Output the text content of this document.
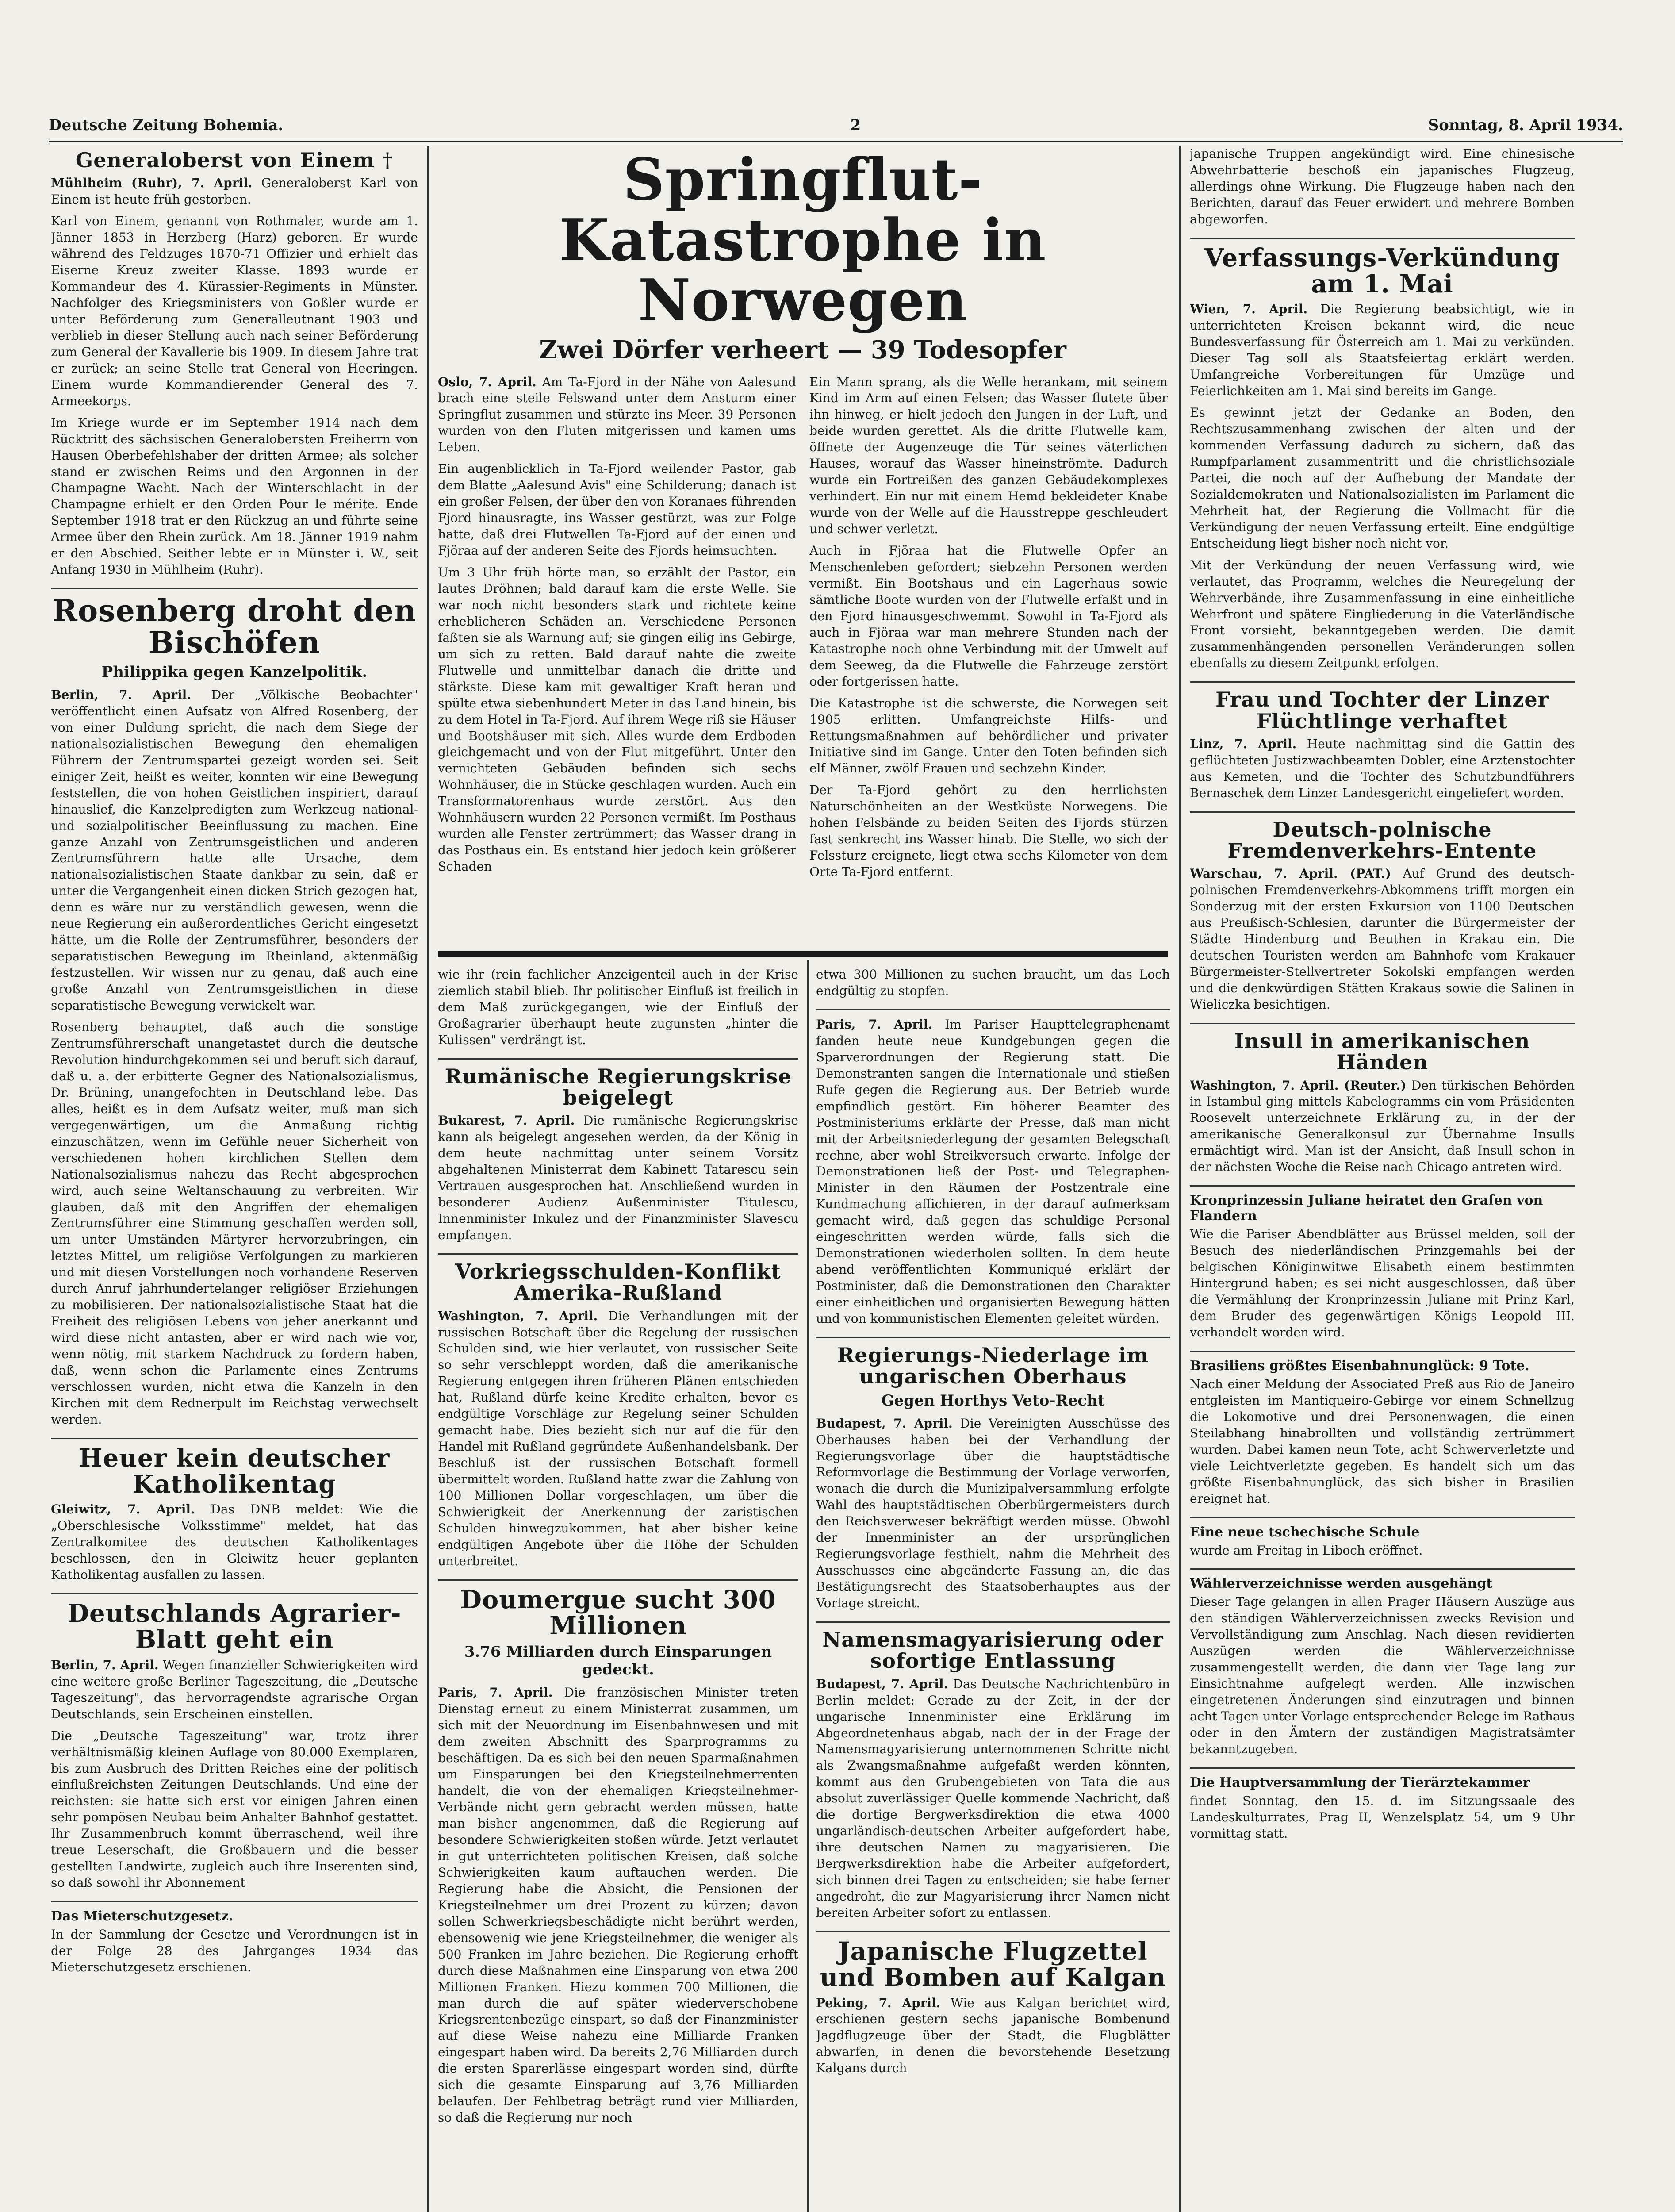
Deutsche Zeitung Bohemia.	2	Sonntag, 8. April 1934.
Generaloberst von Einem †

Mühlheim (Ruhr), 7. April. Generaloberst Karl von Einem ist heute früh gestorben.

Karl von Einem, genannt von Rothmaler, wurde am 1. Jänner 1853 in Herzberg (Harz) geboren. Er wurde während des Feldzuges 1870-71 Offizier und erhielt das Eiserne Kreuz zweiter Klasse. 1893 wurde er Kommandeur des 4. Kürassier-Regiments in Münster. Nachfolger des Kriegsministers von Goßler wurde er unter Beförderung zum Generalleutnant 1903 und verblieb in dieser Stellung auch nach seiner Beförderung zum General der Kavallerie bis 1909. In diesem Jahre trat er zurück; an seine Stelle trat General von Heeringen. Einem wurde Kommandierender General des 7. Armeekorps.

Im Kriege wurde er im September 1914 nach dem Rücktritt des sächsischen Generalobersten Freiherrn von Hausen Oberbefehlshaber der dritten Armee; als solcher stand er zwischen Reims und den Argonnen in der Champagne Wacht. Nach der Winterschlacht in der Champagne erhielt er den Orden Pour le mérite. Ende September 1918 trat er den Rückzug an und führte seine Armee über den Rhein zurück. Am 18. Jänner 1919 nahm er den Abschied. Seither lebte er in Münster i. W., seit Anfang 1930 in Mühlheim (Ruhr).

Rosenberg droht den Bischöfen
Philippika gegen Kanzelpolitik.

Berlin, 7. April. Der „Völkische Beobachter" veröffentlicht einen Aufsatz von Alfred Rosenberg, der von einer Duldung spricht, die nach dem Siege der nationalsozialistischen Bewegung den ehemaligen Führern der Zentrumspartei gezeigt worden sei. Seit einiger Zeit, heißt es weiter, konnten wir eine Bewegung feststellen, die von hohen Geistlichen inspiriert, darauf hinauslief, die Kanzelpredigten zum Werkzeug national- und sozialpolitischer Beeinflussung zu machen. Eine ganze Anzahl von Zentrumsgeistlichen und anderen Zentrumsführern hatte alle Ursache, dem nationalsozialistischen Staate dankbar zu sein, daß er unter die Vergangenheit einen dicken Strich gezogen hat, denn es wäre nur zu verständlich gewesen, wenn die neue Regierung ein außerordentliches Gericht eingesetzt hätte, um die Rolle der Zentrumsführer, besonders der separatistischen Bewegung im Rheinland, aktenmäßig festzustellen. Wir wissen nur zu genau, daß auch eine große Anzahl von Zentrumsgeistlichen in diese separatistische Bewegung verwickelt war.

Rosenberg behauptet, daß auch die sonstige Zentrumsführerschaft unangetastet durch die deutsche Revolution hindurchgekommen sei und beruft sich darauf, daß u. a. der erbitterte Gegner des Nationalsozialismus, Dr. Brüning, unangefochten in Deutschland lebe. Das alles, heißt es in dem Aufsatz weiter, muß man sich vergegenwärtigen, um die Anmaßung richtig einzuschätzen, wenn im Gefühle neuer Sicherheit von verschiedenen hohen kirchlichen Stellen dem Nationalsozialismus nahezu das Recht abgesprochen wird, auch seine Weltanschauung zu verbreiten. Wir glauben, daß mit den Angriffen der ehemaligen Zentrumsführer eine Stimmung geschaffen werden soll, um unter Umständen Märtyrer hervorzubringen, ein letztes Mittel, um religiöse Verfolgungen zu markieren und mit diesen Vorstellungen noch vorhandene Reserven durch Anruf jahrhundertelanger religiöser Erziehungen zu mobilisieren. Der nationalsozialistische Staat hat die Freiheit des religiösen Lebens von jeher anerkannt und wird diese nicht antasten, aber er wird nach wie vor, wenn nötig, mit starkem Nachdruck zu fordern haben, daß, wenn schon die Parlamente eines Zentrums verschlossen wurden, nicht etwa die Kanzeln in den Kirchen mit dem Rednerpult im Reichstag verwechselt werden.

Heuer kein deutscher Katholikentag

Gleiwitz, 7. April. Das DNB meldet: Wie die „Oberschlesische Volksstimme" meldet, hat das Zentralkomitee des deutschen Katholikentages beschlossen, den in Gleiwitz heuer geplanten Katholikentag ausfallen zu lassen.

Deutschlands Agrarier-Blatt geht ein

Berlin, 7. April. Wegen finanzieller Schwierigkeiten wird eine weitere große Berliner Tageszeitung, die „Deutsche Tageszeitung", das hervorragendste agrarische Organ Deutschlands, sein Erscheinen einstellen.

Die „Deutsche Tageszeitung" war, trotz ihrer verhältnismäßig kleinen Auflage von 80.000 Exemplaren, bis zum Ausbruch des Dritten Reiches eine der politisch einflußreichsten Zeitungen Deutschlands. Und eine der reichsten: sie hatte sich erst vor einigen Jahren einen sehr pompösen Neubau beim Anhalter Bahnhof gestattet. Ihr Zusammenbruch kommt überraschend, weil ihre treue Leserschaft, die Großbauern und die besser gestellten Landwirte, zugleich auch ihre Inserenten sind, so daß sowohl ihr Abonnement

Das Mieterschutzgesetz.

In der Sammlung der Gesetze und Verordnungen ist in der Folge 28 des Jahrganges 1934 das Mieterschutzgesetz erschienen.

Springflut-Katastrophe in Norwegen
Zwei Dörfer verheert — 39 Todesopfer

Oslo, 7. April. Am Ta-Fjord in der Nähe von Aalesund brach eine steile Felswand unter dem Ansturm einer Springflut zusammen und stürzte ins Meer. 39 Personen wurden von den Fluten mitgerissen und kamen ums Leben.

Ein augenblicklich in Ta-Fjord weilender Pastor, gab dem Blatte „Aalesund Avis" eine Schilderung; danach ist ein großer Felsen, der über den von Koranaes führenden Fjord hinausragte, ins Wasser gestürzt, was zur Folge hatte, daß drei Flutwellen Ta-Fjord auf der einen und Fjöraa auf der anderen Seite des Fjords heimsuchten.

Um 3 Uhr früh hörte man, so erzählt der Pastor, ein lautes Dröhnen; bald darauf kam die erste Welle. Sie war noch nicht besonders stark und richtete keine erheblicheren Schäden an. Verschiedene Personen faßten sie als Warnung auf; sie gingen eilig ins Gebirge, um sich zu retten. Bald darauf nahte die zweite Flutwelle und unmittelbar danach die dritte und stärkste. Diese kam mit gewaltiger Kraft heran und spülte etwa siebenhundert Meter in das Land hinein, bis zu dem Hotel in Ta-Fjord. Auf ihrem Wege riß sie Häuser und Bootshäuser mit sich. Alles wurde dem Erdboden gleichgemacht und von der Flut mitgeführt. Unter den vernichteten Gebäuden befinden sich sechs Wohnhäuser, die in Stücke geschlagen wurden. Auch ein Transformatorenhaus wurde zerstört. Aus den Wohnhäusern wurden 22 Personen vermißt. Im Posthaus wurden alle Fenster zertrümmert; das Wasser drang in das Posthaus ein. Es entstand hier jedoch kein größerer Schaden

Ein Mann sprang, als die Welle herankam, mit seinem Kind im Arm auf einen Felsen; das Wasser flutete über ihn hinweg, er hielt jedoch den Jungen in der Luft, und beide wurden gerettet. Als die dritte Flutwelle kam, öffnete der Augenzeuge die Tür seines väterlichen Hauses, worauf das Wasser hineinströmte. Dadurch wurde ein Fortreißen des ganzen Gebäudekomplexes verhindert. Ein nur mit einem Hemd bekleideter Knabe wurde von der Welle auf die Hausstreppe geschleudert und schwer verletzt.

Auch in Fjöraa hat die Flutwelle Opfer an Menschenleben gefordert; siebzehn Personen werden vermißt. Ein Bootshaus und ein Lagerhaus sowie sämtliche Boote wurden von der Flutwelle erfaßt und in den Fjord hinausgeschwemmt. Sowohl in Ta-Fjord als auch in Fjöraa war man mehrere Stunden nach der Katastrophe noch ohne Verbindung mit der Umwelt auf dem Seeweg, da die Flutwelle die Fahrzeuge zerstört oder fortgerissen hatte.

Die Katastrophe ist die schwerste, die Norwegen seit 1905 erlitten. Umfangreichste Hilfs- und Rettungsmaßnahmen auf behördlicher und privater Initiative sind im Gange. Unter den Toten befinden sich elf Männer, zwölf Frauen und sechzehn Kinder.

Der Ta-Fjord gehört zu den herrlichsten Naturschönheiten an der Westküste Norwegens. Die hohen Felsbände zu beiden Seiten des Fjords stürzen fast senkrecht ins Wasser hinab. Die Stelle, wo sich der Felssturz ereignete, liegt etwa sechs Kilometer von dem Orte Ta-Fjord entfernt.

wie ihr (rein fachlicher Anzeigenteil auch in der Krise ziemlich stabil blieb. Ihr politischer Einfluß ist freilich in dem Maß zurückgegangen, wie der Einfluß der Großagrarier überhaupt heute zugunsten „hinter die Kulissen" verdrängt ist.

Rumänische Regierungskrise beigelegt

Bukarest, 7. April. Die rumänische Regierungskrise kann als beigelegt angesehen werden, da der König in dem heute nachmittag unter seinem Vorsitz abgehaltenen Ministerrat dem Kabinett Tatarescu sein Vertrauen ausgesprochen hat. Anschließend wurden in besonderer Audienz Außenminister Titulescu, Innenminister Inkulez und der Finanzminister Slavescu empfangen.

Vorkriegsschulden-Konflikt Amerika-Rußland

Washington, 7. April. Die Verhandlungen mit der russischen Botschaft über die Regelung der russischen Schulden sind, wie hier verlautet, von russischer Seite so sehr verschleppt worden, daß die amerikanische Regierung entgegen ihren früheren Plänen entschieden hat, Rußland dürfe keine Kredite erhalten, bevor es endgültige Vorschläge zur Regelung seiner Schulden gemacht habe. Dies bezieht sich nur auf die für den Handel mit Rußland gegründete Außenhandelsbank. Der Beschluß ist der russischen Botschaft formell übermittelt worden. Rußland hatte zwar die Zahlung von 100 Millionen Dollar vorgeschlagen, um über die Schwierigkeit der Anerkennung der zaristischen Schulden hinwegzukommen, hat aber bisher keine endgültigen Angebote über die Höhe der Schulden unterbreitet.

Doumergue sucht 300 Millionen
3.76 Milliarden durch Einsparungen gedeckt.

Paris, 7. April. Die französischen Minister treten Dienstag erneut zu einem Ministerrat zusammen, um sich mit der Neuordnung im Eisenbahnwesen und mit dem zweiten Abschnitt des Sparprogramms zu beschäftigen. Da es sich bei den neuen Sparmaßnahmen um Einsparungen bei den Kriegsteilnehmerrenten handelt, die von der ehemaligen Kriegsteilnehmer-Verbände nicht gern gebracht werden müssen, hatte man bisher angenommen, daß die Regierung auf besondere Schwierigkeiten stoßen würde. Jetzt verlautet in gut unterrichteten politischen Kreisen, daß solche Schwierigkeiten kaum auftauchen werden. Die Regierung habe die Absicht, die Pensionen der Kriegsteilnehmer um drei Prozent zu kürzen; davon sollen Schwerkriegsbeschädigte nicht berührt werden, ebensowenig wie jene Kriegsteilnehmer, die weniger als 500 Franken im Jahre beziehen. Die Regierung erhofft durch diese Maßnahmen eine Einsparung von etwa 200 Millionen Franken. Hiezu kommen 700 Millionen, die man durch die auf später wiederverschobene Kriegsrentenbezüge einspart, so daß der Finanzminister auf diese Weise nahezu eine Milliarde Franken eingespart haben wird. Da bereits 2,76 Milliarden durch die ersten Sparerlässe eingespart worden sind, dürfte sich die gesamte Einsparung auf 3,76 Milliarden belaufen. Der Fehlbetrag beträgt rund vier Milliarden, so daß die Regierung nur noch

etwa 300 Millionen zu suchen braucht, um das Loch endgültig zu stopfen.

Paris, 7. April. Im Pariser Haupttelegraphenamt fanden heute neue Kundgebungen gegen die Sparverordnungen der Regierung statt. Die Demonstranten sangen die Internationale und stießen Rufe gegen die Regierung aus. Der Betrieb wurde empfindlich gestört. Ein höherer Beamter des Postministeriums erklärte der Presse, daß man nicht mit der Arbeitsniederlegung der gesamten Belegschaft rechne, aber wohl Streikversuch erwarte. Infolge der Demonstrationen ließ der Post- und Telegraphen-Minister in den Räumen der Postzentrale eine Kundmachung affichieren, in der darauf aufmerksam gemacht wird, daß gegen das schuldige Personal eingeschritten werden würde, falls sich die Demonstrationen wiederholen sollten. In dem heute abend veröffentlichten Kommuniqué erklärt der Postminister, daß die Demonstrationen den Charakter einer einheitlichen und organisierten Bewegung hätten und von kommunistischen Elementen geleitet würden.

Regierungs-Niederlage im ungarischen Oberhaus
Gegen Horthys Veto-Recht

Budapest, 7. April. Die Vereinigten Ausschüsse des Oberhauses haben bei der Verhandlung der Regierungsvorlage über die hauptstädtische Reformvorlage die Bestimmung der Vorlage verworfen, wonach die durch die Munizipalversammlung erfolgte Wahl des hauptstädtischen Oberbürgermeisters durch den Reichsverweser bekräftigt werden müsse. Obwohl der Innenminister an der ursprünglichen Regierungsvorlage festhielt, nahm die Mehrheit des Ausschusses eine abgeänderte Fassung an, die das Bestätigungsrecht des Staatsoberhauptes aus der Vorlage streicht.

Namensmagyarisierung oder sofortige Entlassung

Budapest, 7. April. Das Deutsche Nachrichtenbüro in Berlin meldet: Gerade zu der Zeit, in der der ungarische Innenminister eine Erklärung im Abgeordnetenhaus abgab, nach der in der Frage der Namensmagyarisierung unternommenen Schritte nicht als Zwangsmaßnahme aufgefaßt werden könnten, kommt aus den Grubengebieten von Tata die aus absolut zuverlässiger Quelle kommende Nachricht, daß die dortige Bergwerksdirektion die etwa 4000 ungarländisch-deutschen Arbeiter aufgefordert habe, ihre deutschen Namen zu magyarisieren. Die Bergwerksdirektion habe die Arbeiter aufgefordert, sich binnen drei Tagen zu entscheiden; sie habe ferner angedroht, die zur Magyarisierung ihrer Namen nicht bereiten Arbeiter sofort zu entlassen.

Japanische Flugzettel und Bomben auf Kalgan

Peking, 7. April. Wie aus Kalgan berichtet wird, erschienen gestern sechs japanische Bombenund Jagdflugzeuge über der Stadt, die Flugblätter abwarfen, in denen die bevorstehende Besetzung Kalgans durch

japanische Truppen angekündigt wird. Eine chinesische Abwehrbatterie beschoß ein japanisches Flugzeug, allerdings ohne Wirkung. Die Flugzeuge haben nach den Berichten, darauf das Feuer erwidert und mehrere Bomben abgeworfen.

Verfassungs-Verkündung am 1. Mai

Wien, 7. April. Die Regierung beabsichtigt, wie in unterrichteten Kreisen bekannt wird, die neue Bundesverfassung für Österreich am 1. Mai zu verkünden. Dieser Tag soll als Staatsfeiertag erklärt werden. Umfangreiche Vorbereitungen für Umzüge und Feierlichkeiten am 1. Mai sind bereits im Gange.

Es gewinnt jetzt der Gedanke an Boden, den Rechtszusammenhang zwischen der alten und der kommenden Verfassung dadurch zu sichern, daß das Rumpfparlament zusammentritt und die christlichsoziale Partei, die noch auf der Aufhebung der Mandate der Sozialdemokraten und Nationalsozialisten im Parlament die Mehrheit hat, der Regierung die Vollmacht für die Verkündigung der neuen Verfassung erteilt. Eine endgültige Entscheidung liegt bisher noch nicht vor.

Mit der Verkündung der neuen Verfassung wird, wie verlautet, das Programm, welches die Neuregelung der Wehrverbände, ihre Zusammenfassung in eine einheitliche Wehrfront und spätere Eingliederung in die Vaterländische Front vorsieht, bekanntgegeben werden. Die damit zusammenhängenden personellen Veränderungen sollen ebenfalls zu diesem Zeitpunkt erfolgen.

Frau und Tochter der Linzer Flüchtlinge verhaftet

Linz, 7. April. Heute nachmittag sind die Gattin des geflüchteten Justizwachbeamten Dobler, eine Arztenstochter aus Kemeten, und die Tochter des Schutzbundführers Bernaschek dem Linzer Landesgericht eingeliefert worden.

Deutsch-polnische Fremdenverkehrs-Entente

Warschau, 7. April. (PAT.) Auf Grund des deutsch-polnischen Fremdenverkehrs-Abkommens trifft morgen ein Sonderzug mit der ersten Exkursion von 1100 Deutschen aus Preußisch-Schlesien, darunter die Bürgermeister der Städte Hindenburg und Beuthen in Krakau ein. Die deutschen Touristen werden am Bahnhofe vom Krakauer Bürgermeister-Stellvertreter Sokolski empfangen werden und die denkwürdigen Stätten Krakaus sowie die Salinen in Wieliczka besichtigen.

Insull in amerikanischen Händen

Washington, 7. April. (Reuter.) Den türkischen Behörden in Istambul ging mittels Kabelogramms ein vom Präsidenten Roosevelt unterzeichnete Erklärung zu, in der der amerikanische Generalkonsul zur Übernahme Insulls ermächtigt wird. Man ist der Ansicht, daß Insull schon in der nächsten Woche die Reise nach Chicago antreten wird.

Kronprinzessin Juliane heiratet den Grafen von Flandern

Wie die Pariser Abendblätter aus Brüssel melden, soll der Besuch des niederländischen Prinzgemahls bei der belgischen Königinwitwe Elisabeth einem bestimmten Hintergrund haben; es sei nicht ausgeschlossen, daß über die Vermählung der Kronprinzessin Juliane mit Prinz Karl, dem Bruder des gegenwärtigen Königs Leopold III. verhandelt worden wird.

Brasiliens größtes Eisenbahnunglück: 9 Tote.

Nach einer Meldung der Associated Preß aus Rio de Janeiro entgleisten im Mantiqueiro-Gebirge vor einem Schnellzug die Lokomotive und drei Personenwagen, die einen Steilabhang hinabrollten und vollständig zertrümmert wurden. Dabei kamen neun Tote, acht Schwerverletzte und viele Leichtverletzte gegeben. Es handelt sich um das größte Eisenbahnunglück, das sich bisher in Brasilien ereignet hat.

Eine neue tschechische Schule

wurde am Freitag in Liboch eröffnet.

Wählerverzeichnisse werden ausgehängt

Dieser Tage gelangen in allen Prager Häusern Auszüge aus den ständigen Wählerverzeichnissen zwecks Revision und Vervollständigung zum Anschlag. Nach diesen revidierten Auszügen werden die Wählerverzeichnisse zusammengestellt werden, die dann vier Tage lang zur Einsichtnahme aufgelegt werden. Alle inzwischen eingetretenen Änderungen sind einzutragen und binnen acht Tagen unter Vorlage entsprechender Belege im Rathaus oder in den Ämtern der zuständigen Magistratsämter bekanntzugeben.

Die Hauptversammlung der Tierärztekammer

findet Sonntag, den 15. d. im Sitzungssaale des Landeskulturrates, Prag II, Wenzelsplatz 54, um 9 Uhr vormittag statt.
